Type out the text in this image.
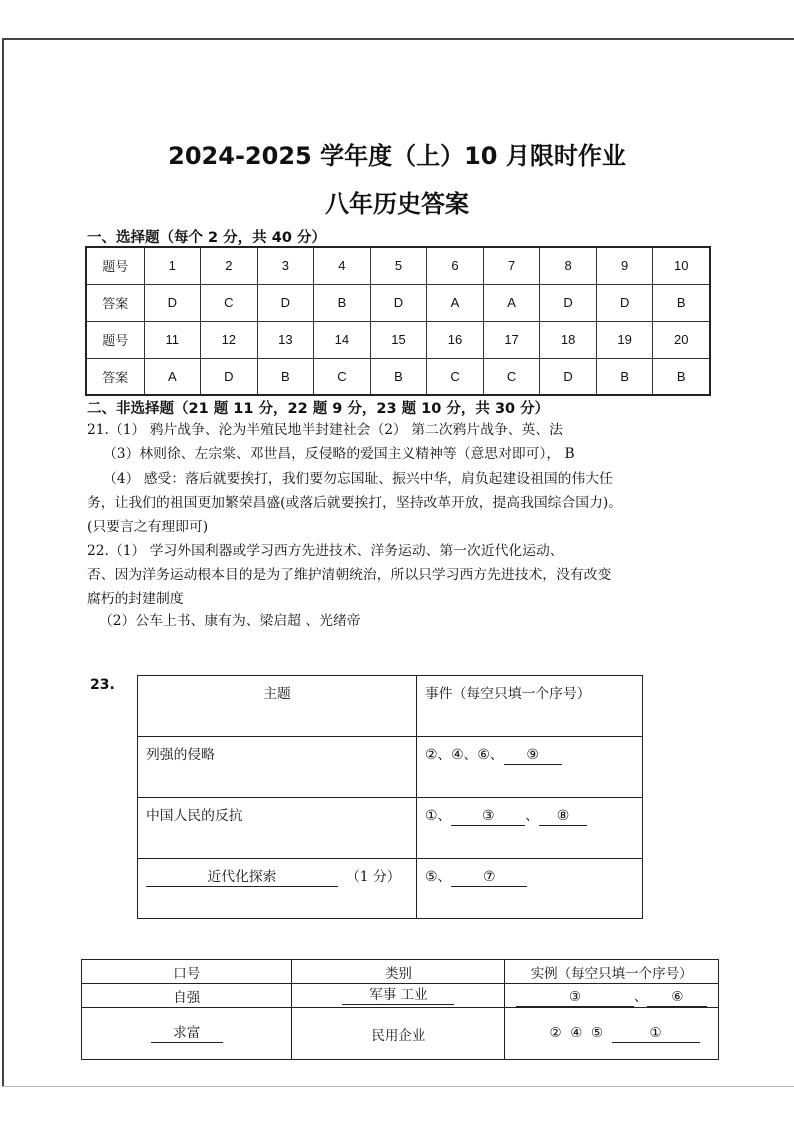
2024-2025 学年度（上）10 月限时作业
八年历史答案
一、选择题（每个 2 分，共 40 分）
题号	1	2	3	4	5	6	7	8	9	10
答案	D	C	D	B	D	A	A	D	D	B
题号	11	12	13	14	15	16	17	18	19	20
答案	A	D	B	C	B	C	C	D	B	B
二、非选择题（21 题 11 分，22 题 9 分，23 题 10 分，共 30 分）
21.（1） 鸦片战争、沦为半殖民地半封建社会（2） 第二次鸦片战争、英、法
（3）林则徐、左宗棠、邓世昌，反侵略的爱国主义精神等（意思对即可）， B
（4） 感受：落后就要挨打，我们要勿忘国耻、振兴中华，肩负起建设祖国的伟大任
务，让我们的祖国更加繁荣昌盛(或落后就要挨打，坚持改革开放，提高我国综合国力)。
(只要言之有理即可)
22.（1） 学习外国利器或学习西方先进技术、洋务运动、第一次近代化运动、
否、因为洋务运动根本目的是为了维护清朝统治，所以只学习西方先进技术，没有改变
腐朽的封建制度
（2）公车上书、康有为、梁启超 、光绪帝
23.
主题	事件（每空只填一个序号）
列强的侵略	②、④、⑥、 ⑨
中国人民的反抗	①、 ③ 、 ⑧
近代化探索 （1 分）	⑤、 ⑦
口号	类别	实例（每空只填一个序号）
自强	军事 工业	③ 、 ⑥
求富	民用企业	②  ④  ⑤ ①
